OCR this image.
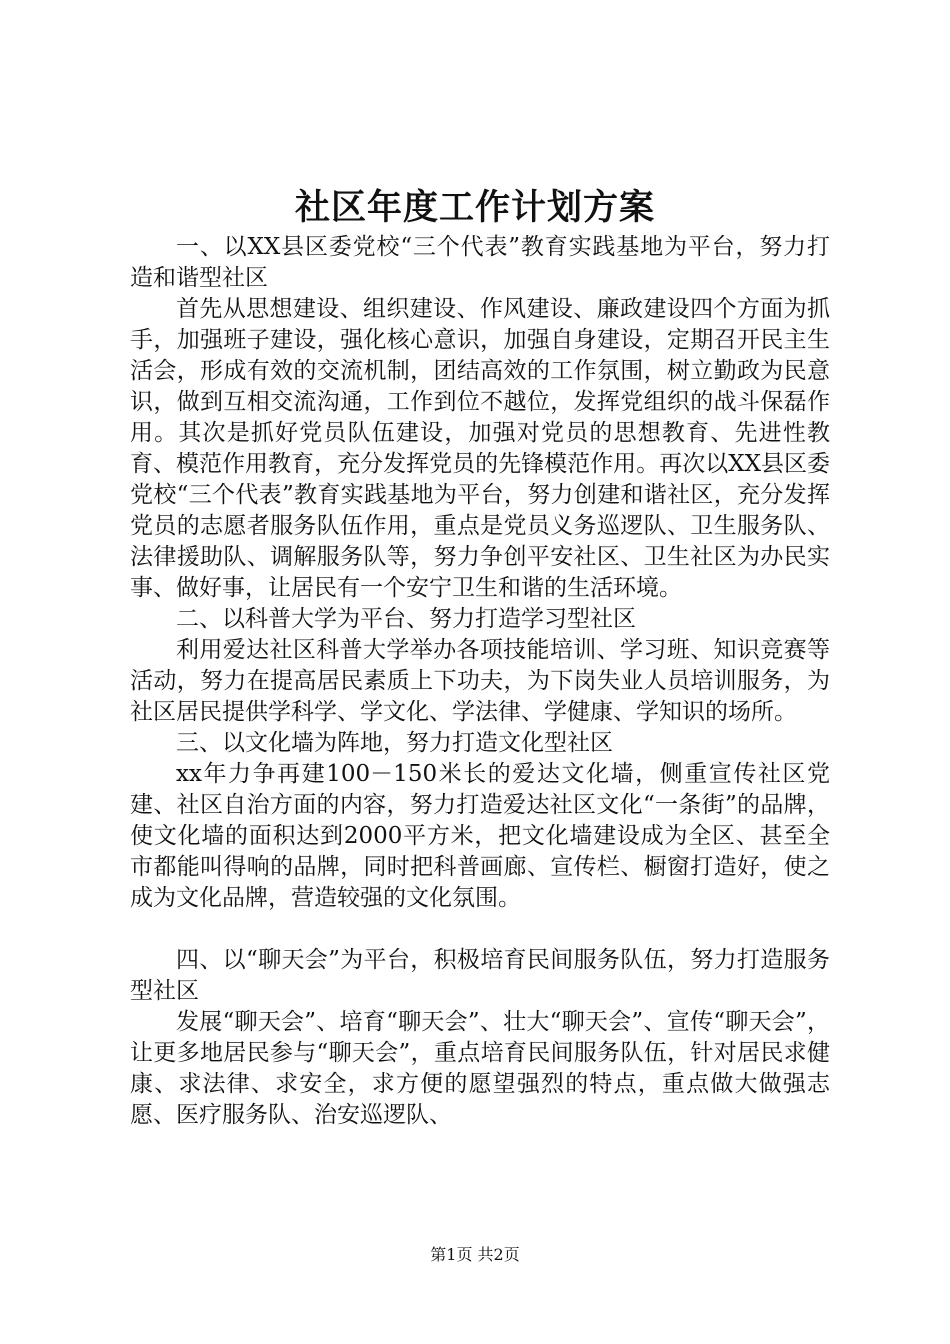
社区年度工作计划方案

一、以XX县区委党校“三个代表”教育实践基地为平台，努力打造和谐型社区

首先从思想建设、组织建设、作风建设、廉政建设四个方面为抓手，加强班子建设，强化核心意识，加强自身建设，定期召开民主生活会，形成有效的交流机制，团结高效的工作氛围，树立勤政为民意识，做到互相交流沟通，工作到位不越位，发挥党组织的战斗保磊作用。其次是抓好党员队伍建设，加强对党员的思想教育、先进性教育、模范作用教育，充分发挥党员的先锋模范作用。再次以XX县区委党校“三个代表”教育实践基地为平台，努力创建和谐社区，充分发挥党员的志愿者服务队伍作用，重点是党员义务巡逻队、卫生服务队、法律援助队、调解服务队等，努力争创平安社区、卫生社区为办民实事、做好事，让居民有一个安宁卫生和谐的生活环境。

二、以科普大学为平台、努力打造学习型社区

利用爱达社区科普大学举办各项技能培训、学习班、知识竞赛等活动，努力在提高居民素质上下功夫，为下岗失业人员培训服务，为社区居民提供学科学、学文化、学法律、学健康、学知识的场所。

三、以文化墙为阵地，努力打造文化型社区

xx年力争再建100－150米长的爱达文化墙，侧重宣传社区党建、社区自治方面的内容，努力打造爱达社区文化“一条街”的品牌，使文化墙的面积达到2000平方米，把文化墙建设成为全区、甚至全市都能叫得响的品牌，同时把科普画廊、宣传栏、橱窗打造好，使之成为文化品牌，营造较强的文化氛围。

四、以“聊天会”为平台，积极培育民间服务队伍，努力打造服务型社区

发展“聊天会”、培育“聊天会”、壮大“聊天会”、宣传“聊天会”，让更多地居民参与“聊天会”，重点培育民间服务队伍，针对居民求健康、求法律、求安全，求方便的愿望强烈的特点，重点做大做强志愿、医疗服务队、治安巡逻队、

第1页 共2页
